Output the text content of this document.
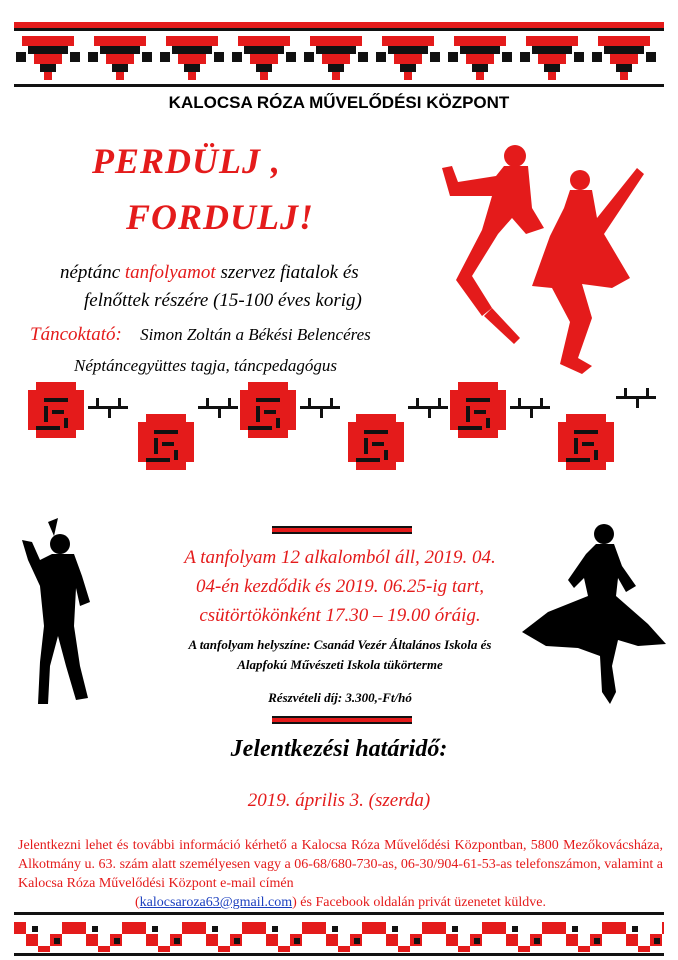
KALOCSA RÓZA MŰVELŐDÉSI KÖZPONT
PERDÜLJ ,
FORDULJ!
néptánc tanfolyamot szervez fiatalok és
felnőttek részére (15-100 éves korig)
Táncoktató: Simon Zoltán a Békési Belencéres
Néptáncegyüttes tagja, táncpedagógus
A tanfolyam 12 alkalomból áll, 2019. 04.
04-én kezdődik és 2019. 06.25-ig tart,
csütörtökönként 17.30 – 19.00 óráig.
A tanfolyam helyszíne: Csanád Vezér Általános Iskola és
Alapfokú Művészeti Iskola tükörterme
Részvételi díj: 3.300,-Ft/hó
Jelentkezési határidő:
2019. április 3. (szerda)
Jelentkezni lehet és további információ kérhető a Kalocsa Róza Művelődési Központban, 5800 Mezőkovácsháza, Alkotmány u. 63. szám alatt személyesen vagy a 06-68/680-730-as, 06-30/904-61-53-as telefonszámon, valamint a Kalocsa Róza Művelődési Központ e-mail címén
(kalocsaroza63@gmail.com) és Facebook oldalán privát üzenetet küldve.
